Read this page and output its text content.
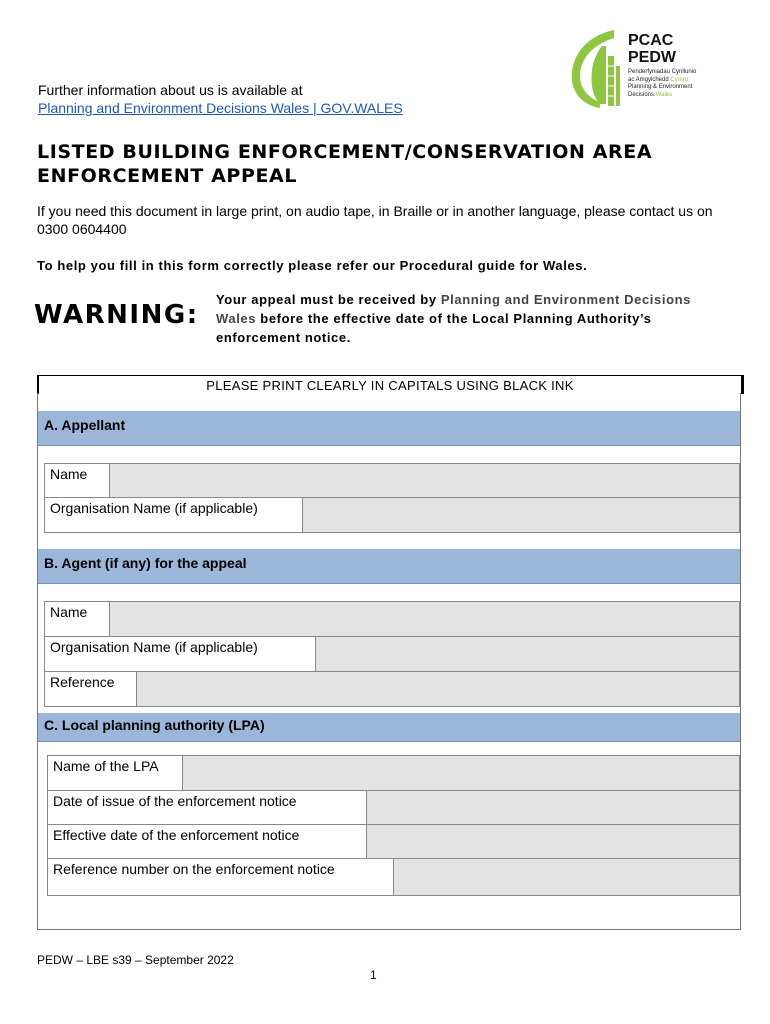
Further information about us is available at
Planning and Environment Decisions Wales | GOV.WALES
PCAC
PEDW
Penderfyniadau Cynllunio
ac Amgylchedd Cymru
Planning & Environment
Decisions Wales
LISTED BUILDING ENFORCEMENT/CONSERVATION AREA
ENFORCEMENT APPEAL
If you need this document in large print, on audio tape, in Braille or in another language, please contact us on 0300 0604400
To help you fill in this form correctly please refer our Procedural guide for Wales.
WARNING:
Your appeal must be received by Planning and Environment Decisions Wales before the effective date of the Local Planning Authority’s enforcement notice.
PLEASE PRINT CLEARLY IN CAPITALS USING BLACK INK
A. Appellant
Name
Organisation Name (if applicable)
B. Agent (if any) for the appeal
Name
Organisation Name (if applicable)
Reference
C. Local planning authority (LPA)
Name of the LPA
Date of issue of the enforcement notice
Effective date of the enforcement notice
Reference number on the enforcement notice
PEDW – LBE s39 – September 2022
1
